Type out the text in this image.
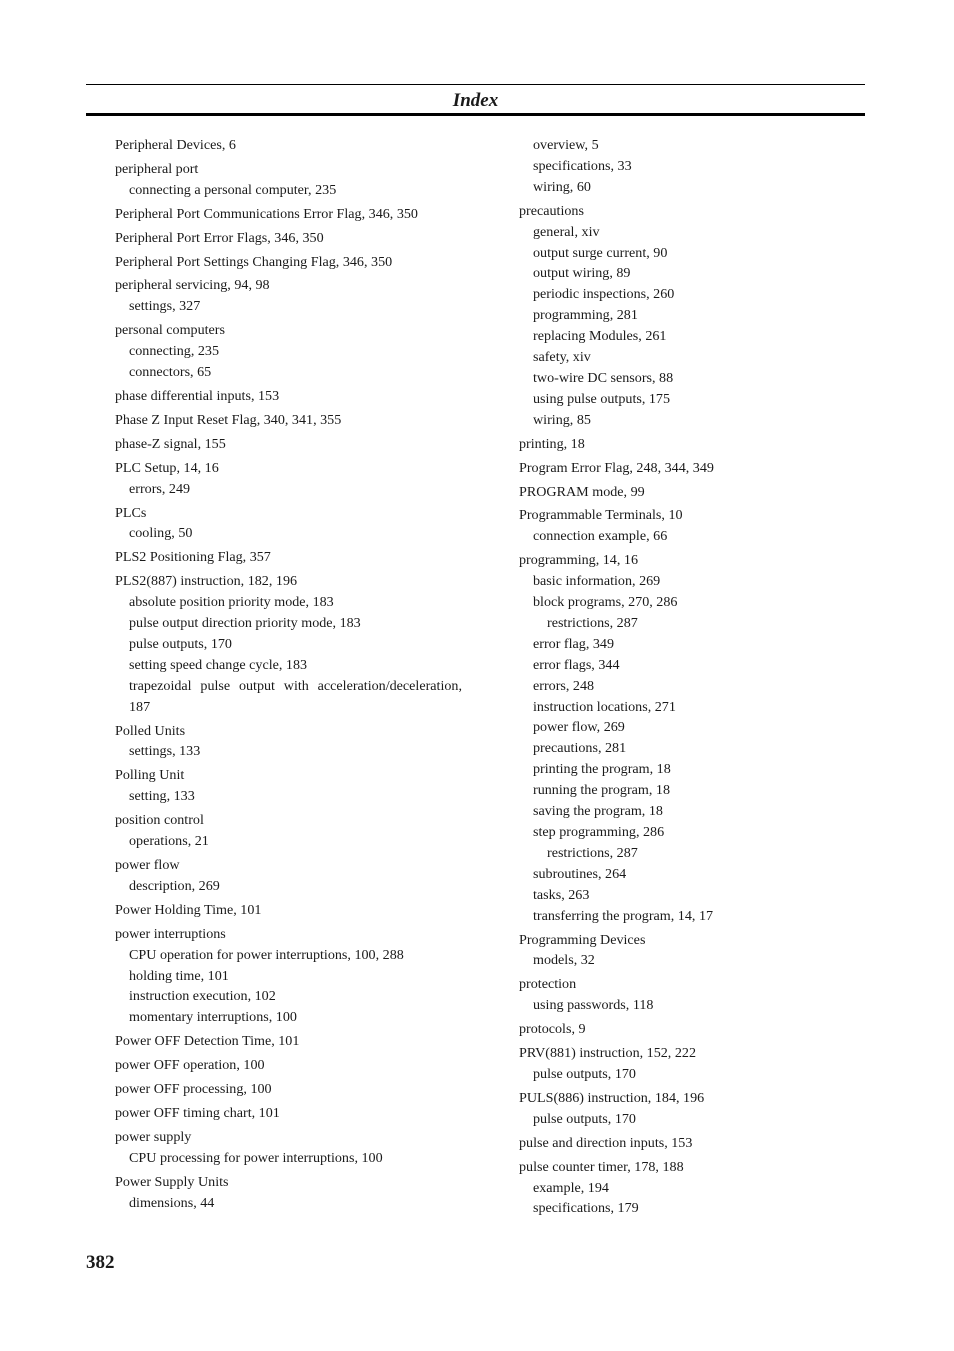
Index
Peripheral Devices, 6
peripheral port
connecting a personal computer, 235
Peripheral Port Communications Error Flag, 346, 350
Peripheral Port Error Flags, 346, 350
Peripheral Port Settings Changing Flag, 346, 350
peripheral servicing, 94, 98
settings, 327
personal computers
connecting, 235
connectors, 65
phase differential inputs, 153
Phase Z Input Reset Flag, 340, 341, 355
phase-Z signal, 155
PLC Setup, 14, 16
errors, 249
PLCs
cooling, 50
PLS2 Positioning Flag, 357
PLS2(887) instruction, 182, 196
absolute position priority mode, 183
pulse output direction priority mode, 183
pulse outputs, 170
setting speed change cycle, 183
trapezoidal pulse output with acceleration/deceleration,
187
Polled Units
settings, 133
Polling Unit
setting, 133
position control
operations, 21
power flow
description, 269
Power Holding Time, 101
power interruptions
CPU operation for power interruptions, 100, 288
holding time, 101
instruction execution, 102
momentary interruptions, 100
Power OFF Detection Time, 101
power OFF operation, 100
power OFF processing, 100
power OFF timing chart, 101
power supply
CPU processing for power interruptions, 100
Power Supply Units
dimensions, 44
overview, 5
specifications, 33
wiring, 60
precautions
general, xiv
output surge current, 90
output wiring, 89
periodic inspections, 260
programming, 281
replacing Modules, 261
safety, xiv
two-wire DC sensors, 88
using pulse outputs, 175
wiring, 85
printing, 18
Program Error Flag, 248, 344, 349
PROGRAM mode, 99
Programmable Terminals, 10
connection example, 66
programming, 14, 16
basic information, 269
block programs, 270, 286
restrictions, 287
error flag, 349
error flags, 344
errors, 248
instruction locations, 271
power flow, 269
precautions, 281
printing the program, 18
running the program, 18
saving the program, 18
step programming, 286
restrictions, 287
subroutines, 264
tasks, 263
transferring the program, 14, 17
Programming Devices
models, 32
protection
using passwords, 118
protocols, 9
PRV(881) instruction, 152, 222
pulse outputs, 170
PULS(886) instruction, 184, 196
pulse outputs, 170
pulse and direction inputs, 153
pulse counter timer, 178, 188
example, 194
specifications, 179
382
